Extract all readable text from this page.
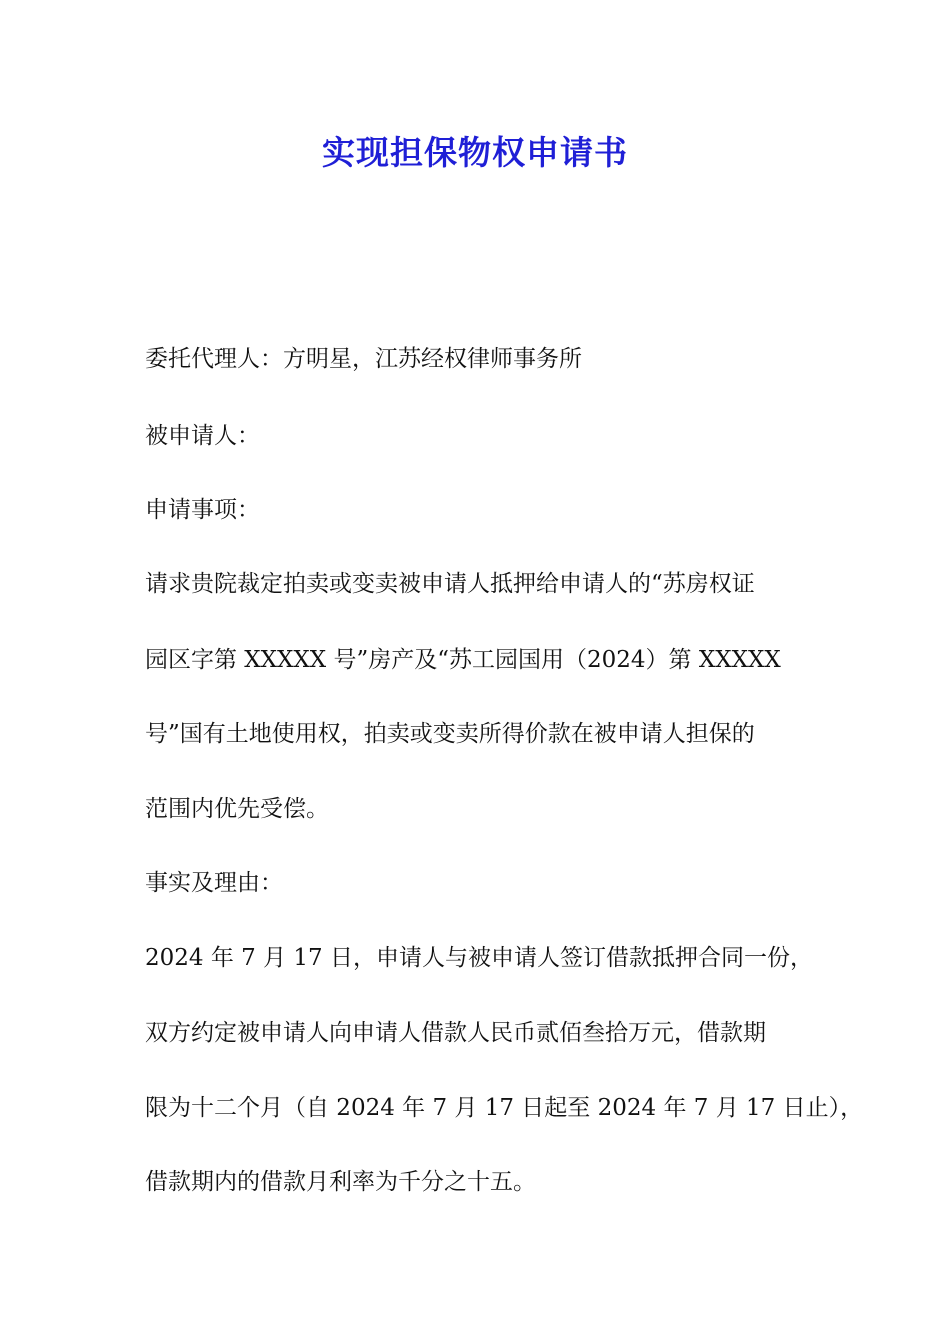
实现担保物权申请书

委托代理人：方明星，江苏经权律师事务所

被申请人：

申请事项：

请求贵院裁定拍卖或变卖被申请人抵押给申请人的“苏房权证

园区字第 XXXXX 号”房产及“苏工园国用（2024）第 XXXXX

号”国有土地使用权，拍卖或变卖所得价款在被申请人担保的

范围内优先受偿。

事实及理由：

2024 年 7 月 17 日，申请人与被申请人签订借款抵押合同一份，

双方约定被申请人向申请人借款人民币贰佰叁拾万元，借款期

限为十二个月（自 2024 年 7 月 17 日起至 2024 年 7 月 17 日止），

借款期内的借款月利率为千分之十五。
